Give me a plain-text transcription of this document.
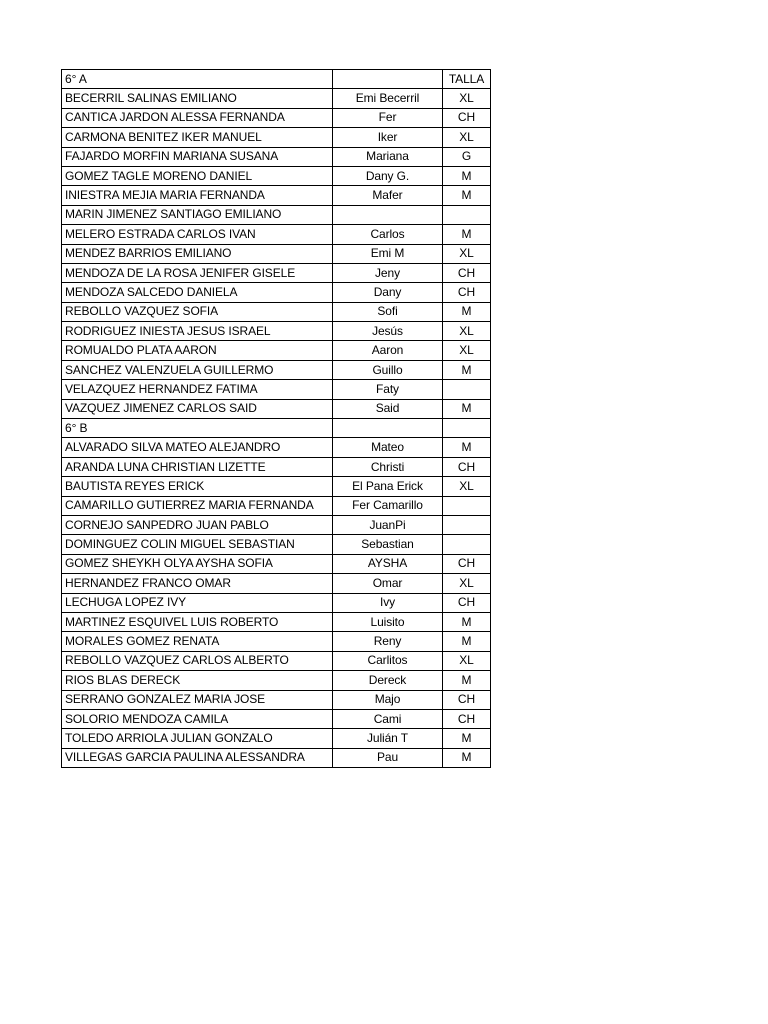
6° A		TALLA
BECERRIL SALINAS EMILIANO	Emi Becerril	XL
CANTICA JARDON ALESSA FERNANDA	Fer	CH
CARMONA BENITEZ IKER MANUEL	Iker	XL
FAJARDO MORFIN MARIANA SUSANA	Mariana	G
GOMEZ TAGLE MORENO DANIEL	Dany G.	M
INIESTRA MEJIA MARIA FERNANDA	Mafer	M
MARIN JIMENEZ SANTIAGO EMILIANO		
MELERO ESTRADA CARLOS IVAN	Carlos	M
MENDEZ BARRIOS EMILIANO	Emi M	XL
MENDOZA DE LA ROSA JENIFER GISELE	Jeny	CH
MENDOZA SALCEDO DANIELA	Dany	CH
REBOLLO VAZQUEZ SOFIA	Sofi	M
RODRIGUEZ INIESTA JESUS ISRAEL	Jesús	XL
ROMUALDO PLATA AARON	Aaron	XL
SANCHEZ VALENZUELA GUILLERMO	Guillo	M
VELAZQUEZ HERNANDEZ FATIMA	Faty	
VAZQUEZ JIMENEZ CARLOS SAID	Said	M
6° B		
ALVARADO SILVA MATEO ALEJANDRO	Mateo	M
ARANDA LUNA CHRISTIAN LIZETTE	Christi	CH
BAUTISTA REYES ERICK	El Pana Erick	XL
CAMARILLO GUTIERREZ MARIA FERNANDA	Fer Camarillo	
CORNEJO SANPEDRO JUAN PABLO	JuanPi	
DOMINGUEZ COLIN MIGUEL SEBASTIAN	Sebastian	
GOMEZ SHEYKH OLYA AYSHA SOFIA	AYSHA	CH
HERNANDEZ FRANCO OMAR	Omar	XL
LECHUGA LOPEZ IVY	Ivy	CH
MARTINEZ ESQUIVEL LUIS ROBERTO	Luisito	M
MORALES GOMEZ RENATA	Reny	M
REBOLLO VAZQUEZ CARLOS ALBERTO	Carlitos	XL
RIOS BLAS DERECK	Dereck	M
SERRANO GONZALEZ MARIA JOSE	Majo	CH
SOLORIO MENDOZA CAMILA	Cami	CH
TOLEDO ARRIOLA JULIAN GONZALO	Julián T	M
VILLEGAS GARCIA PAULINA ALESSANDRA	Pau	M
